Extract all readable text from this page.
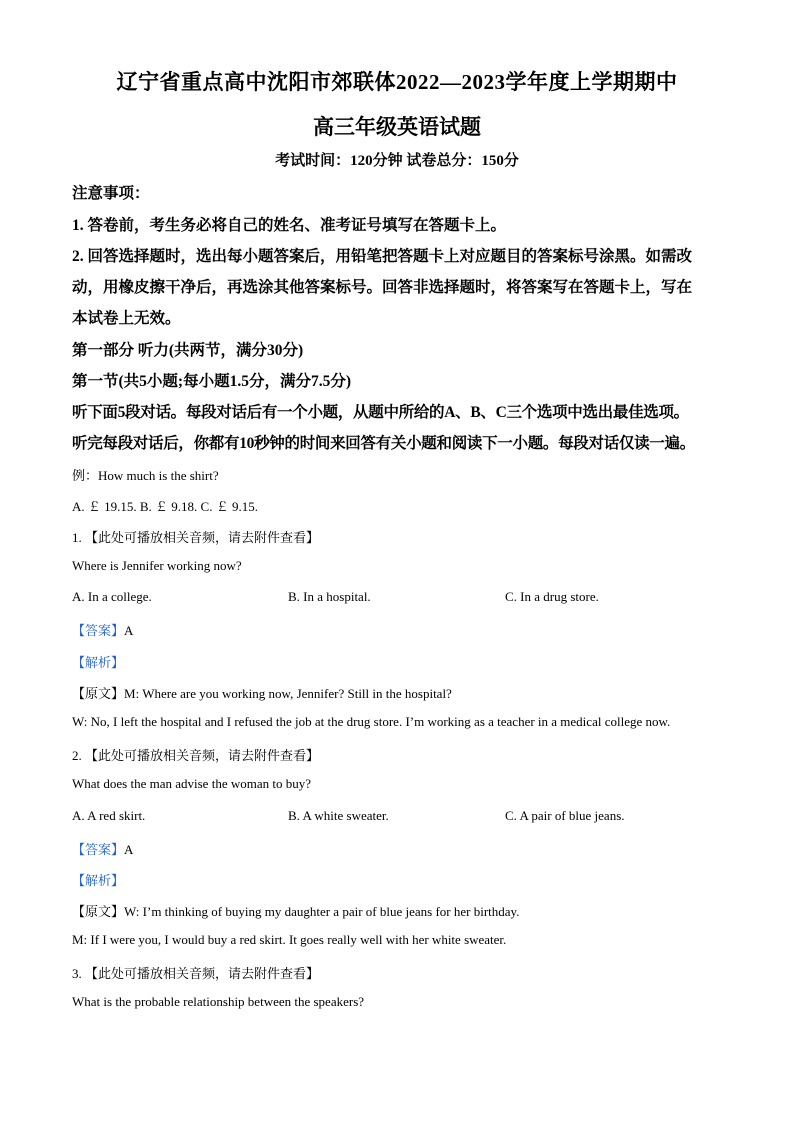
辽宁省重点高中沈阳市郊联体2022—2023学年度上学期期中
高三年级英语试题
考试时间：120分钟 试卷总分：150分
注意事项：
1. 答卷前，考生务必将自己的姓名、准考证号填写在答题卡上。
2. 回答选择题时，选出每小题答案后，用铅笔把答题卡上对应题目的答案标号涂黑。如需改
动，用橡皮擦干净后，再选涂其他答案标号。回答非选择题时，将答案写在答题卡上，写在
本试卷上无效。
第一部分 听力(共两节，满分30分)
第一节(共5小题;每小题1.5分，满分7.5分)
听下面5段对话。每段对话后有一个小题，从题中所给的A、B、C三个选项中选出最佳选项。
听完每段对话后，你都有10秒钟的时间来回答有关小题和阅读下一小题。每段对话仅读一遍。
例：How much is the shirt?
A. ￡ 19.15. B. ￡ 9.18. C. ￡ 9.15.
1. 【此处可播放相关音频，请去附件查看】
Where is Jennifer working now?
A. In a college.	B. In a hospital.	C. In a drug store.
【答案】A
【解析】
【原文】M: Where are you working now, Jennifer? Still in the hospital?
W: No, I left the hospital and I refused the job at the drug store. I’m working as a teacher in a medical college now.
2. 【此处可播放相关音频，请去附件查看】
What does the man advise the woman to buy?
A. A red skirt.	B. A white sweater.	C. A pair of blue jeans.
【答案】A
【解析】
【原文】W: I’m thinking of buying my daughter a pair of blue jeans for her birthday.
M: If I were you, I would buy a red skirt. It goes really well with her white sweater.
3. 【此处可播放相关音频，请去附件查看】
What is the probable relationship between the speakers?
